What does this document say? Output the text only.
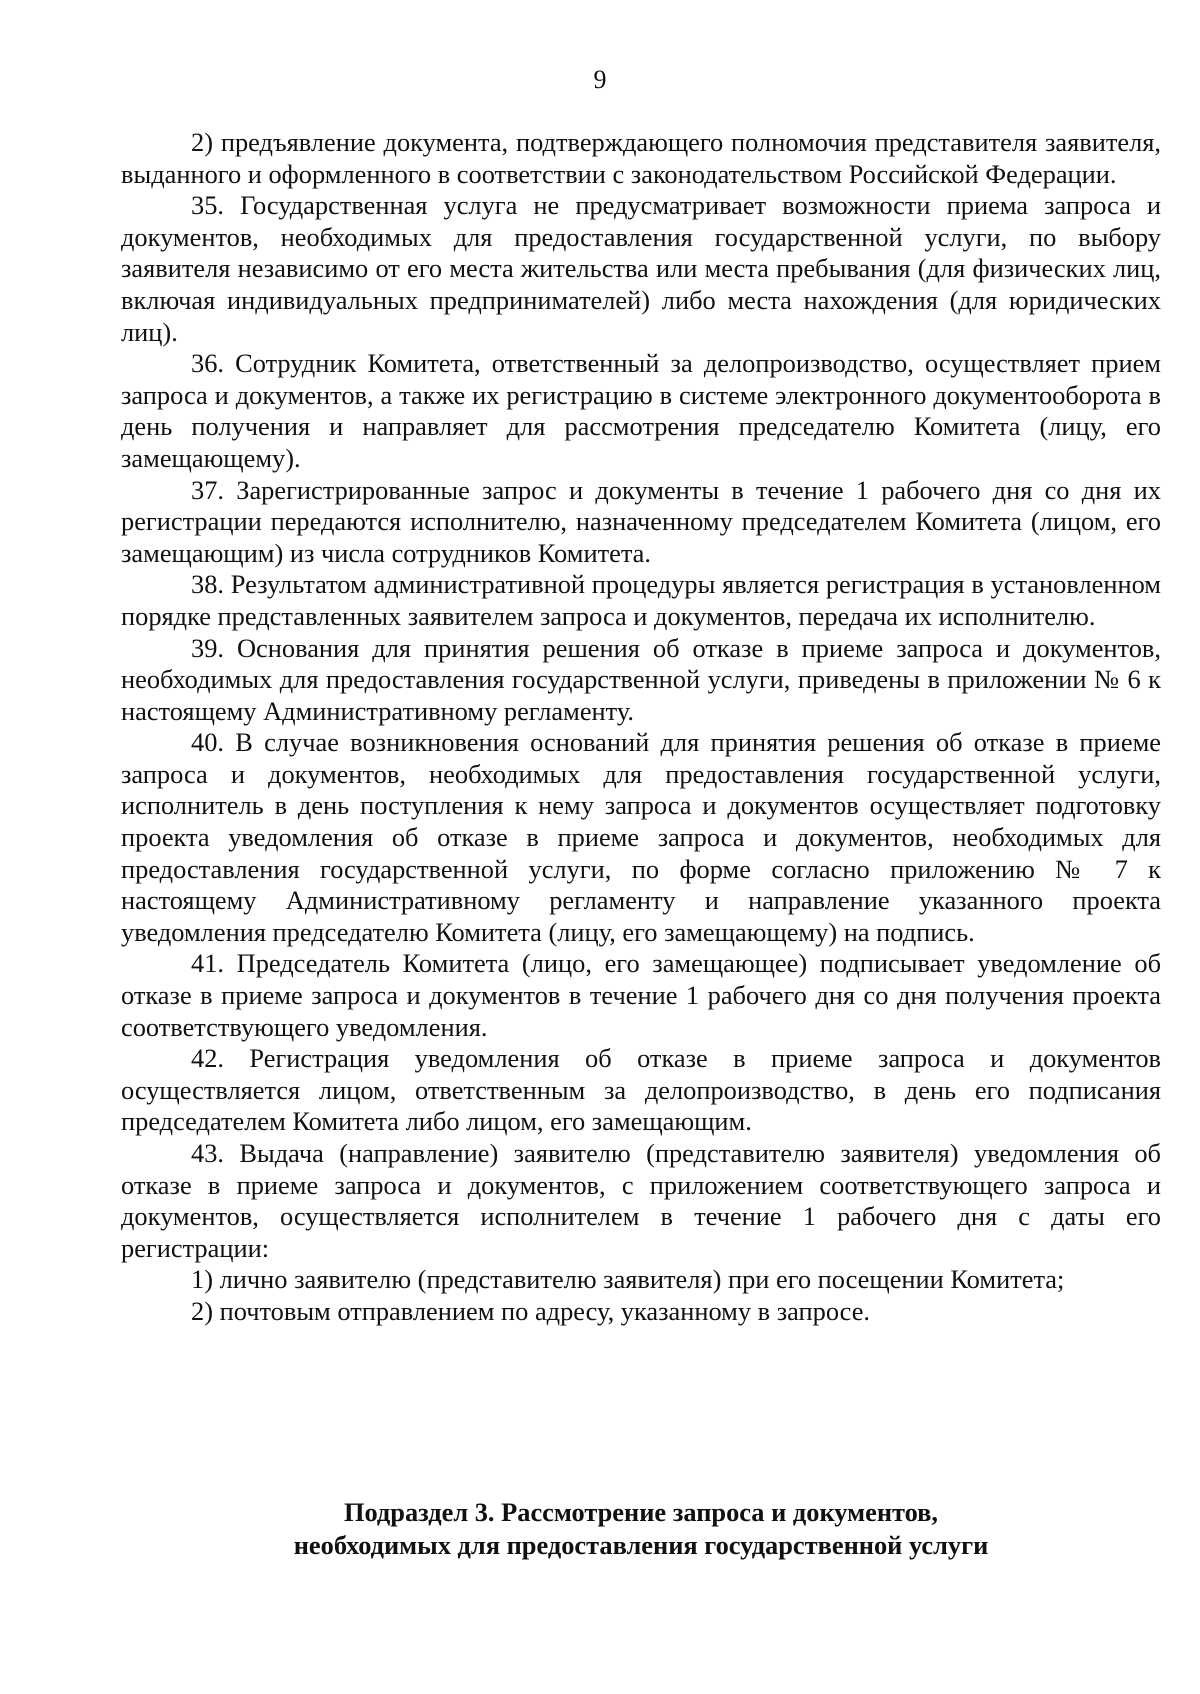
9

2) предъявление документа, подтверждающего полномочия представителя заявителя, выданного и оформленного в соответствии с законодательством Российской Федерации.

35. Государственная услуга не предусматривает возможности приема запроса и документов, необходимых для предоставления государственной услуги, по выбору заявителя независимо от его места жительства или места пребывания (для физических лиц, включая индивидуальных предпринимателей) либо места нахождения (для юридических лиц).

36. Сотрудник Комитета, ответственный за делопроизводство, осуществляет прием запроса и документов, а также их регистрацию в системе электронного документооборота в день получения и направляет для рассмотрения председателю Комитета (лицу, его замещающему).

37. Зарегистрированные запрос и документы в течение 1 рабочего дня со дня их регистрации передаются исполнителю, назначенному председателем Комитета (лицом, его замещающим) из числа сотрудников Комитета.

38. Результатом административной процедуры является регистрация в установленном порядке представленных заявителем запроса и документов, передача их исполнителю.

39. Основания для принятия решения об отказе в приеме запроса и документов, необходимых для предоставления государственной услуги, приведены в приложении № 6 к настоящему Административному регламенту.

40. В случае возникновения оснований для принятия решения об отказе в приеме запроса и документов, необходимых для предоставления государственной услуги, исполнитель в день поступления к нему запроса и документов осуществляет подготовку проекта уведомления об отказе в приеме запроса и документов, необходимых для предоставления государственной услуги, по форме согласно приложению № 7 к настоящему Административному регламенту и направление указанного проекта уведомления председателю Комитета (лицу, его замещающему) на подпись.

41. Председатель Комитета (лицо, его замещающее) подписывает уведомление об отказе в приеме запроса и документов в течение 1 рабочего дня со дня получения проекта соответствующего уведомления.

42. Регистрация уведомления об отказе в приеме запроса и документов осуществляется лицом, ответственным за делопроизводство, в день его подписания председателем Комитета либо лицом, его замещающим.

43. Выдача (направление) заявителю (представителю заявителя) уведомления об отказе в приеме запроса и документов, с приложением соответствующего запроса и документов, осуществляется исполнителем в течение 1 рабочего дня с даты его регистрации:

1) лично заявителю (представителю заявителя) при его посещении Комитета;

2) почтовым отправлением по адресу, указанному в запросе.

Подраздел 3. Рассмотрение запроса и документов,
необходимых для предоставления государственной услуги
